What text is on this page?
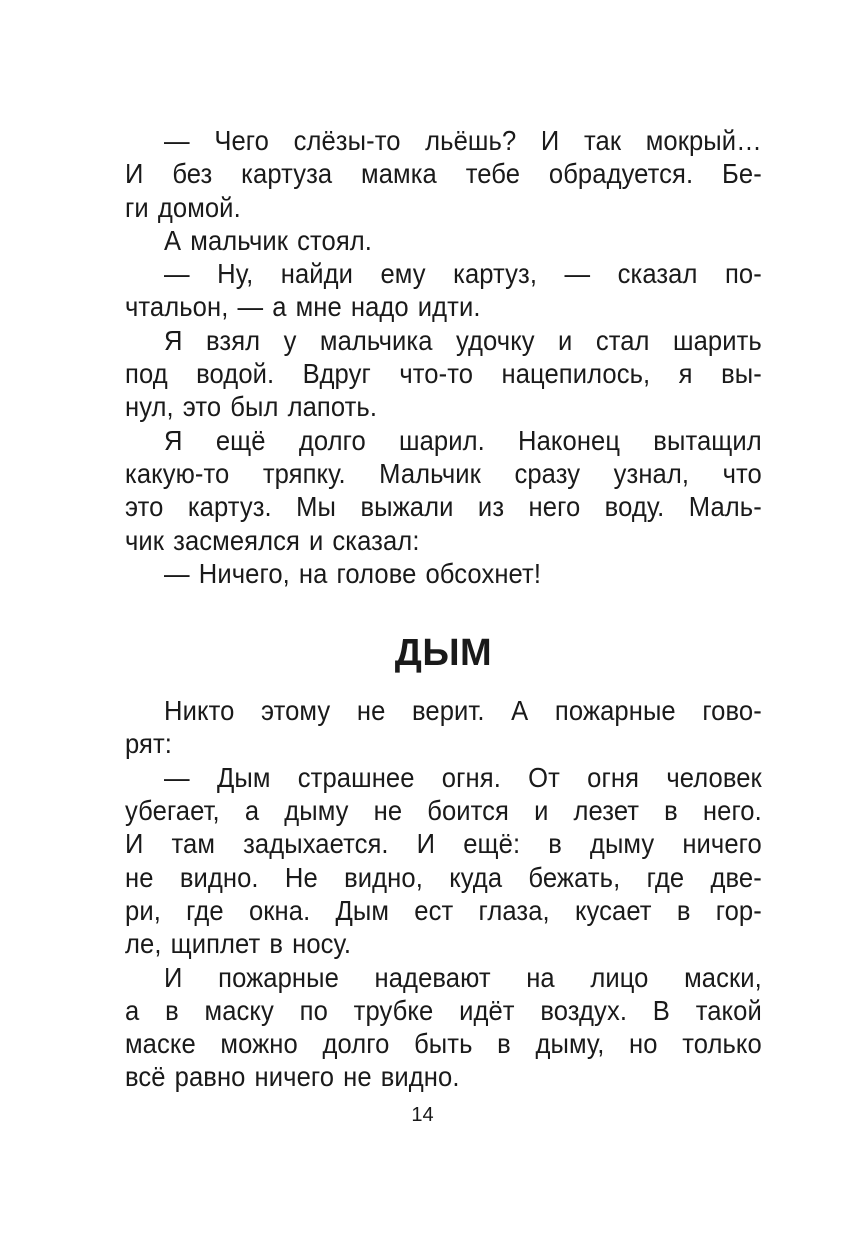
— Чего слёзы-то льёшь? И так мокрый…
И без картуза мамка тебе обрадуется. Бе-
ги домой.
А мальчик стоял.
— Ну, найди ему картуз, — сказал по-
чтальон, — а мне надо идти.
Я взял у мальчика удочку и стал шарить
под водой. Вдруг что-то нацепилось, я вы-
нул, это был лапоть.
Я ещё долго шарил. Наконец вытащил
какую-то тряпку. Мальчик сразу узнал, что
это картуз. Мы выжали из него воду. Маль-
чик засмеялся и сказал:
— Ничего, на голове обсохнет!
ДЫМ
Никто этому не верит. А пожарные гово-
рят:
— Дым страшнее огня. От огня человек
убегает, а дыму не боится и лезет в него.
И там задыхается. И ещё: в дыму ничего
не видно. Не видно, куда бежать, где две-
ри, где окна. Дым ест глаза, кусает в гор-
ле, щиплет в носу.
И пожарные надевают на лицо маски,
а в маску по трубке идёт воздух. В такой
маске можно долго быть в дыму, но только
всё равно ничего не видно.
14
